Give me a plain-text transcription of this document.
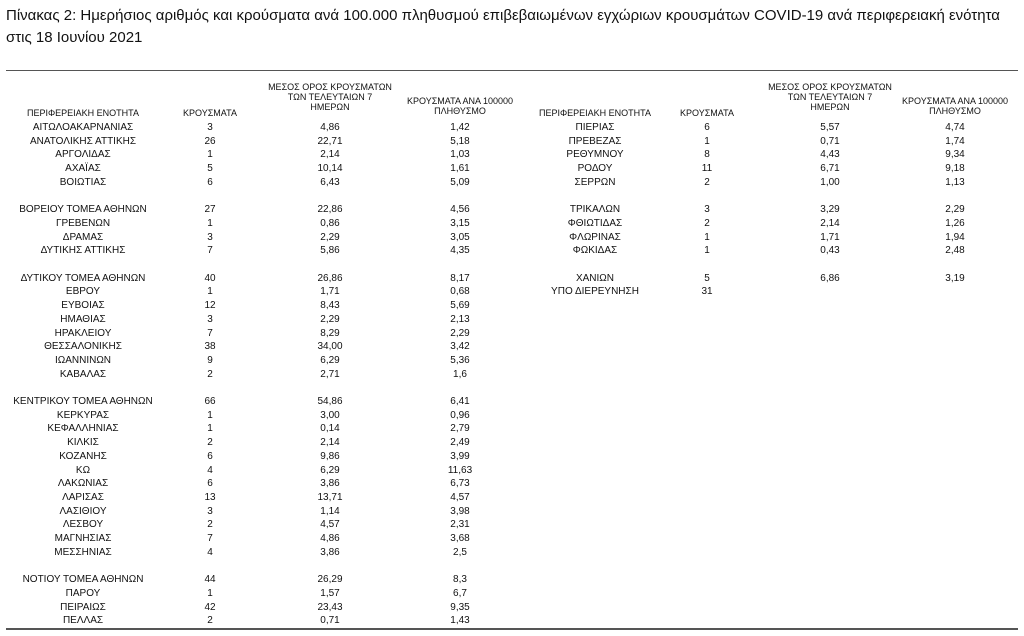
Πίνακας 2: Ημερήσιος αριθμός και κρούσματα ανά 100.000 πληθυσμού επιβεβαιωμένων εγχώριων κρουσμάτων COVID-19 ανά περιφερειακή ενότητα στις 18 Ιουνίου 2021
ΠΕΡΙΦΕΡΕΙΑΚΗ ΕΝΟΤΗΤΑ	ΚΡΟΥΣΜΑΤΑ
ΜΕΣΟΣ ΟΡΟΣ ΚΡΟΥΣΜΑΤΩΝ
ΤΩΝ ΤΕΛΕΥΤΑΙΩΝ 7
ΗΜΕΡΩΝ
ΚΡΟΥΣΜΑΤΑ ΑΝΑ 100000
ΠΛΗΘΥΣΜΟ	ΠΕΡΙΦΕΡΕΙΑΚΗ ΕΝΟΤΗΤΑ	ΚΡΟΥΣΜΑΤΑ
ΜΕΣΟΣ ΟΡΟΣ ΚΡΟΥΣΜΑΤΩΝ
ΤΩΝ ΤΕΛΕΥΤΑΙΩΝ 7
ΗΜΕΡΩΝ
ΚΡΟΥΣΜΑΤΑ ΑΝΑ 100000
ΠΛΗΘΥΣΜΟ
ΑΙΤΩΛΟΑΚΑΡΝΑΝΙΑΣ	3	4,86	1,42
ΑΝΑΤΟΛΙΚΗΣ ΑΤΤΙΚΗΣ	26	22,71	5,18
ΑΡΓΟΛΙΔΑΣ	1	2,14	1,03
ΑΧΑΪΑΣ	5	10,14	1,61
ΒΟΙΩΤΙΑΣ	6	6,43	5,09
ΒΟΡΕΙΟΥ ΤΟΜΕΑ ΑΘΗΝΩΝ	27	22,86	4,56
ΓΡΕΒΕΝΩΝ	1	0,86	3,15
ΔΡΑΜΑΣ	3	2,29	3,05
ΔΥΤΙΚΗΣ ΑΤΤΙΚΗΣ	7	5,86	4,35
ΔΥΤΙΚΟΥ ΤΟΜΕΑ ΑΘΗΝΩΝ	40	26,86	8,17
ΕΒΡΟΥ	1	1,71	0,68
ΕΥΒΟΙΑΣ	12	8,43	5,69
ΗΜΑΘΙΑΣ	3	2,29	2,13
ΗΡΑΚΛΕΙΟΥ	7	8,29	2,29
ΘΕΣΣΑΛΟΝΙΚΗΣ	38	34,00	3,42
ΙΩΑΝΝΙΝΩΝ	9	6,29	5,36
ΚΑΒΑΛΑΣ	2	2,71	1,6
ΚΕΝΤΡΙΚΟΥ ΤΟΜΕΑ ΑΘΗΝΩΝ	66	54,86	6,41
ΚΕΡΚΥΡΑΣ	1	3,00	0,96
ΚΕΦΑΛΛΗΝΙΑΣ	1	0,14	2,79
ΚΙΛΚΙΣ	2	2,14	2,49
ΚΟΖΑΝΗΣ	6	9,86	3,99
ΚΩ	4	6,29	11,63
ΛΑΚΩΝΙΑΣ	6	3,86	6,73
ΛΑΡΙΣΑΣ	13	13,71	4,57
ΛΑΣΙΘΙΟΥ	3	1,14	3,98
ΛΕΣΒΟΥ	2	4,57	2,31
ΜΑΓΝΗΣΙΑΣ	7	4,86	3,68
ΜΕΣΣΗΝΙΑΣ	4	3,86	2,5
ΝΟΤΙΟΥ ΤΟΜΕΑ ΑΘΗΝΩΝ	44	26,29	8,3
ΠΑΡΟΥ	1	1,57	6,7
ΠΕΙΡΑΙΩΣ	42	23,43	9,35
ΠΕΛΛΑΣ	2	0,71	1,43
ΠΙΕΡΙΑΣ	6	5,57	4,74
ΠΡΕΒΕΖΑΣ	1	0,71	1,74
ΡΕΘΥΜΝΟΥ	8	4,43	9,34
ΡΟΔΟΥ	11	6,71	9,18
ΣΕΡΡΩΝ	2	1,00	1,13
ΤΡΙΚΑΛΩΝ	3	3,29	2,29
ΦΘΙΩΤΙΔΑΣ	2	2,14	1,26
ΦΛΩΡΙΝΑΣ	1	1,71	1,94
ΦΩΚΙΔΑΣ	1	0,43	2,48
ΧΑΝΙΩΝ	5	6,86	3,19
ΥΠΟ ΔΙΕΡΕΥΝΗΣΗ	31
